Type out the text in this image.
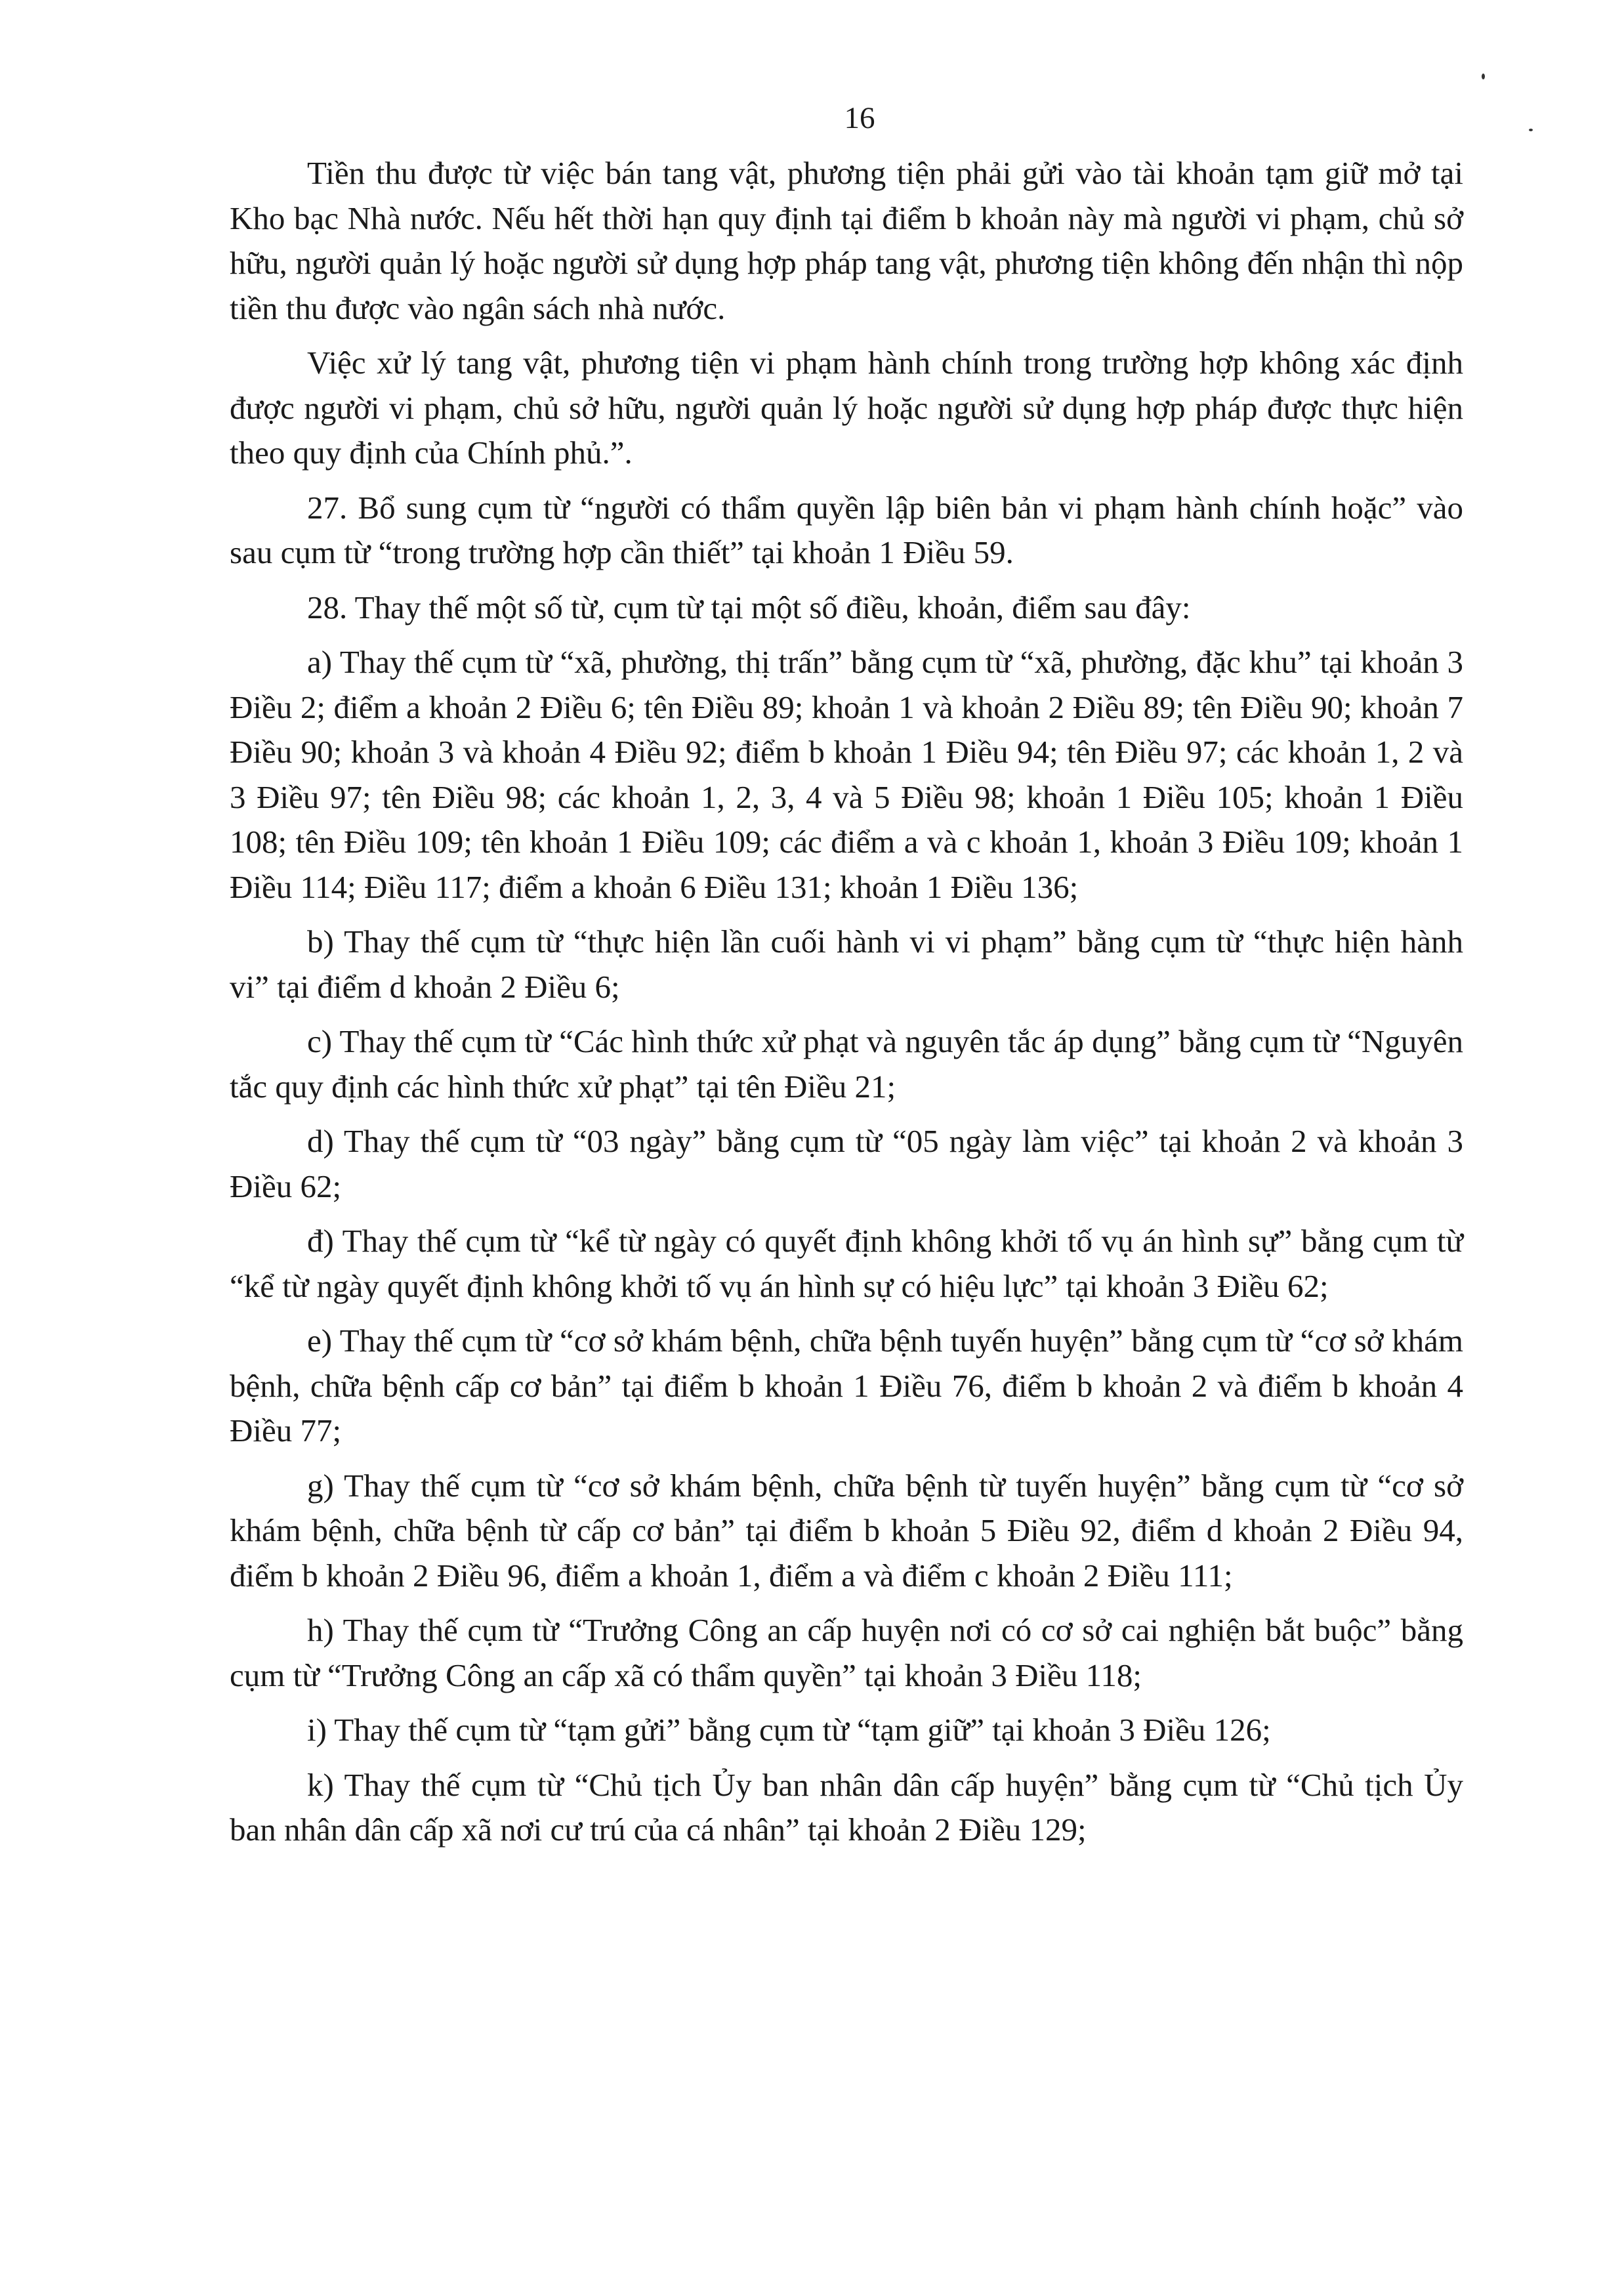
16

Tiền thu được từ việc bán tang vật, phương tiện phải gửi vào tài khoản tạm giữ mở tại Kho bạc Nhà nước. Nếu hết thời hạn quy định tại điểm b khoản này mà người vi phạm, chủ sở hữu, người quản lý hoặc người sử dụng hợp pháp tang vật, phương tiện không đến nhận thì nộp tiền thu được vào ngân sách nhà nước.

Việc xử lý tang vật, phương tiện vi phạm hành chính trong trường hợp không xác định được người vi phạm, chủ sở hữu, người quản lý hoặc người sử dụng hợp pháp được thực hiện theo quy định của Chính phủ.”.

27. Bổ sung cụm từ “người có thẩm quyền lập biên bản vi phạm hành chính hoặc” vào sau cụm từ “trong trường hợp cần thiết” tại khoản 1 Điều 59.

28. Thay thế một số từ, cụm từ tại một số điều, khoản, điểm sau đây:

a) Thay thế cụm từ “xã, phường, thị trấn” bằng cụm từ “xã, phường, đặc khu” tại khoản 3 Điều 2; điểm a khoản 2 Điều 6; tên Điều 89; khoản 1 và khoản 2 Điều 89; tên Điều 90; khoản 7 Điều 90; khoản 3 và khoản 4 Điều 92; điểm b khoản 1 Điều 94; tên Điều 97; các khoản 1, 2 và 3 Điều 97; tên Điều 98; các khoản 1, 2, 3, 4 và 5 Điều 98; khoản 1 Điều 105; khoản 1 Điều 108; tên Điều 109; tên khoản 1 Điều 109; các điểm a và c khoản 1, khoản 3 Điều 109; khoản 1 Điều 114; Điều 117; điểm a khoản 6 Điều 131; khoản 1 Điều 136;

b) Thay thế cụm từ “thực hiện lần cuối hành vi vi phạm” bằng cụm từ “thực hiện hành vi” tại điểm d khoản 2 Điều 6;

c) Thay thế cụm từ “Các hình thức xử phạt và nguyên tắc áp dụng” bằng cụm từ “Nguyên tắc quy định các hình thức xử phạt” tại tên Điều 21;

d) Thay thế cụm từ “03 ngày” bằng cụm từ “05 ngày làm việc” tại khoản 2 và khoản 3 Điều 62;

đ) Thay thế cụm từ “kể từ ngày có quyết định không khởi tố vụ án hình sự” bằng cụm từ “kể từ ngày quyết định không khởi tố vụ án hình sự có hiệu lực” tại khoản 3 Điều 62;

e) Thay thế cụm từ “cơ sở khám bệnh, chữa bệnh tuyến huyện” bằng cụm từ “cơ sở khám bệnh, chữa bệnh cấp cơ bản” tại điểm b khoản 1 Điều 76, điểm b khoản 2 và điểm b khoản 4 Điều 77;

g) Thay thế cụm từ “cơ sở khám bệnh, chữa bệnh từ tuyến huyện” bằng cụm từ “cơ sở khám bệnh, chữa bệnh từ cấp cơ bản” tại điểm b khoản 5 Điều 92, điểm d khoản 2 Điều 94, điểm b khoản 2 Điều 96, điểm a khoản 1, điểm a và điểm c khoản 2 Điều 111;

h) Thay thế cụm từ “Trưởng Công an cấp huyện nơi có cơ sở cai nghiện bắt buộc” bằng cụm từ “Trưởng Công an cấp xã có thẩm quyền” tại khoản 3 Điều 118;

i) Thay thế cụm từ “tạm gửi” bằng cụm từ “tạm giữ” tại khoản 3 Điều 126;

k) Thay thế cụm từ “Chủ tịch Ủy ban nhân dân cấp huyện” bằng cụm từ “Chủ tịch Ủy ban nhân dân cấp xã nơi cư trú của cá nhân” tại khoản 2 Điều 129;
